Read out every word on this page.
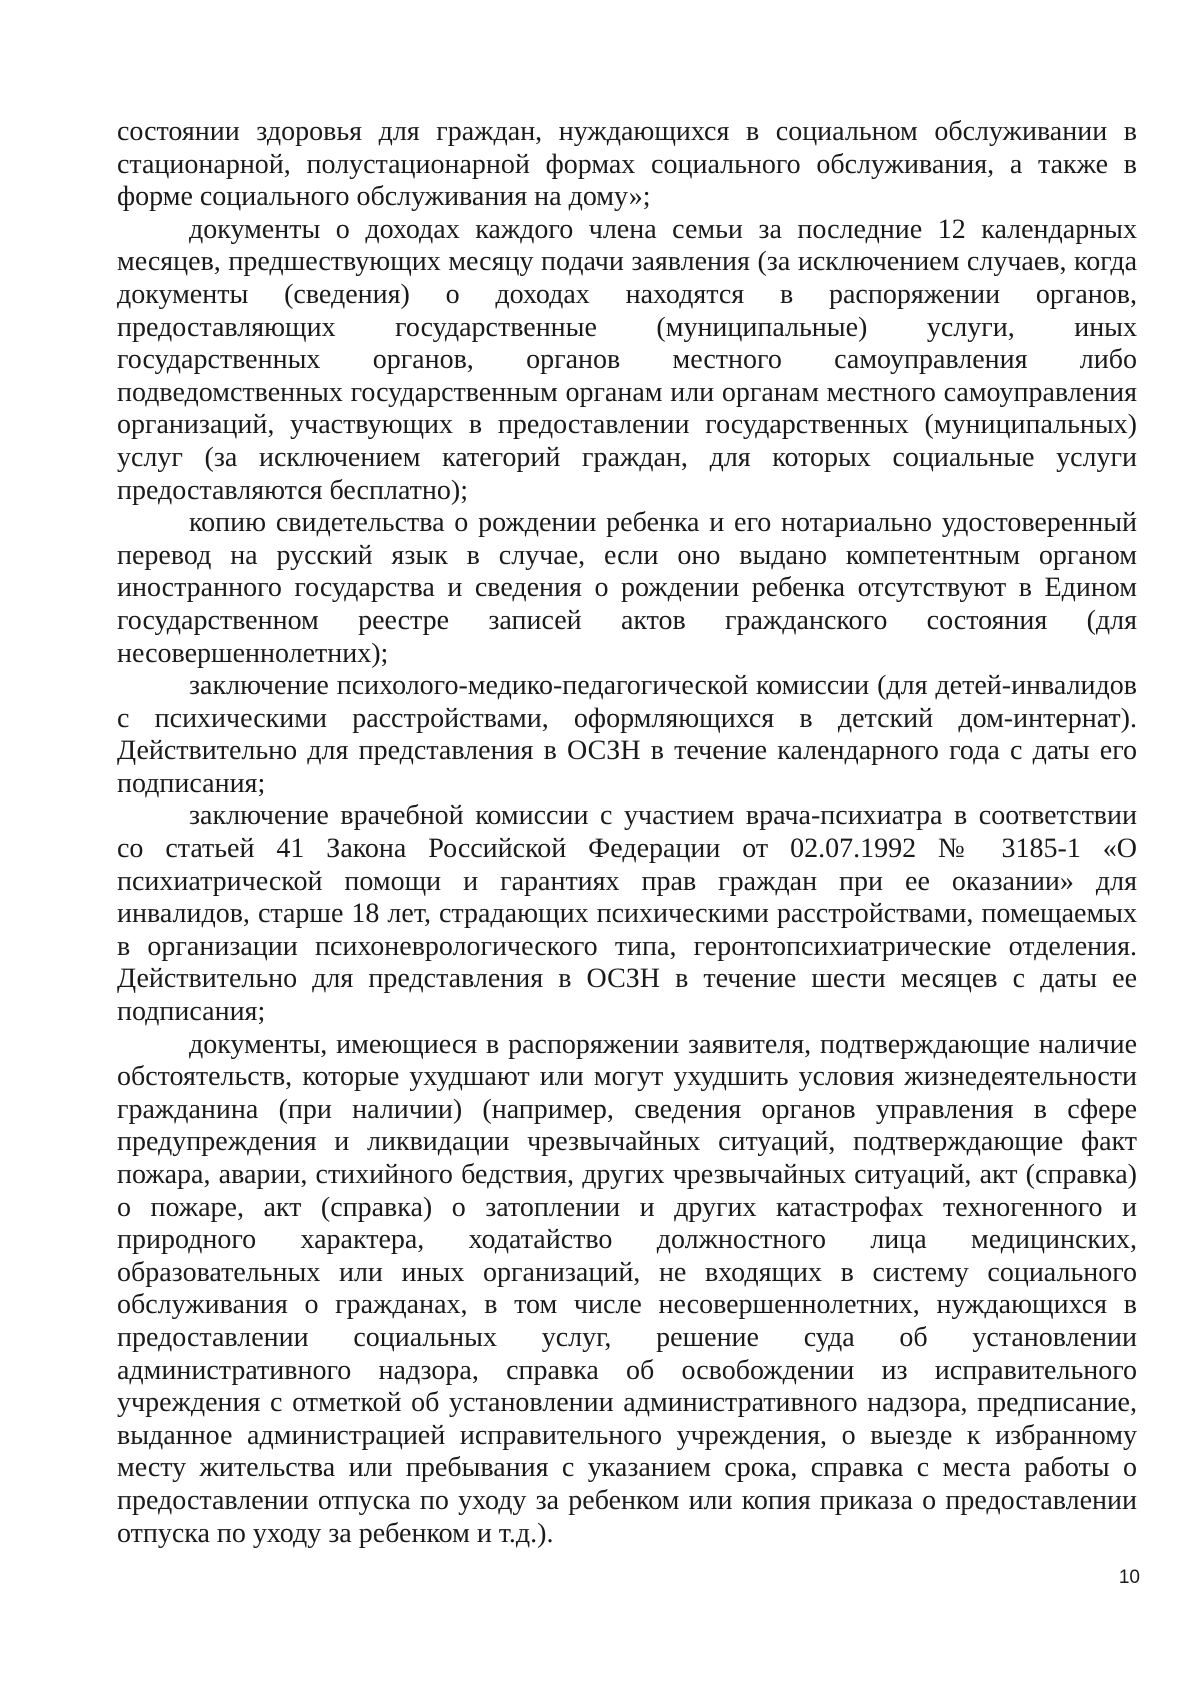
состоянии здоровья для граждан, нуждающихся в социальном обслуживании в стационарной, полустационарной формах социального обслуживания, а также в форме социального обслуживания на дому»;

документы о доходах каждого члена семьи за последние 12 календарных месяцев, предшествующих месяцу подачи заявления (за исключением случаев, когда документы (сведения) о доходах находятся в распоряжении органов, предоставляющих государственные (муниципальные) услуги, иных государственных органов, органов местного самоуправления либо подведомственных государственным органам или органам местного самоуправления организаций, участвующих в предоставлении государственных (муниципальных) услуг (за исключением категорий граждан, для которых социальные услуги предоставляются бесплатно);

копию свидетельства о рождении ребенка и его нотариально удостоверенный перевод на русский язык в случае, если оно выдано компетентным органом иностранного государства и сведения о рождении ребенка отсутствуют в Едином государственном реестре записей актов гражданского состояния (для несовершеннолетних);

заключение психолого-медико-педагогической комиссии (для детей-инвалидов с психическими расстройствами, оформляющихся в детский дом-интернат). Действительно для представления в ОСЗН в течение календарного года с даты его подписания;

заключение врачебной комиссии с участием врача-психиатра в соответствии со статьей 41 Закона Российской Федерации от 02.07.1992 № 3185-1 «О психиатрической помощи и гарантиях прав граждан при ее оказании» для инвалидов, старше 18 лет, страдающих психическими расстройствами, помещаемых в организации психоневрологического типа, геронтопсихиатрические отделения. Действительно для представления в ОСЗН в течение шести месяцев с даты ее подписания;

документы, имеющиеся в распоряжении заявителя, подтверждающие наличие обстоятельств, которые ухудшают или могут ухудшить условия жизнедеятельности гражданина (при наличии) (например, сведения органов управления в сфере предупреждения и ликвидации чрезвычайных ситуаций, подтверждающие факт пожара, аварии, стихийного бедствия, других чрезвычайных ситуаций, акт (справка) о пожаре, акт (справка) о затоплении и других катастрофах техногенного и природного характера, ходатайство должностного лица медицинских, образовательных или иных организаций, не входящих в систему социального обслуживания о гражданах, в том числе несовершеннолетних, нуждающихся в предоставлении социальных услуг, решение суда об установлении административного надзора, справка об освобождении из исправительного учреждения с отметкой об установлении административного надзора, предписание, выданное администрацией исправительного учреждения, о выезде к избранному месту жительства или пребывания с указанием срока, справка с места работы о предоставлении отпуска по уходу за ребенком или копия приказа о предоставлении отпуска по уходу за ребенком и т.д.).

10
